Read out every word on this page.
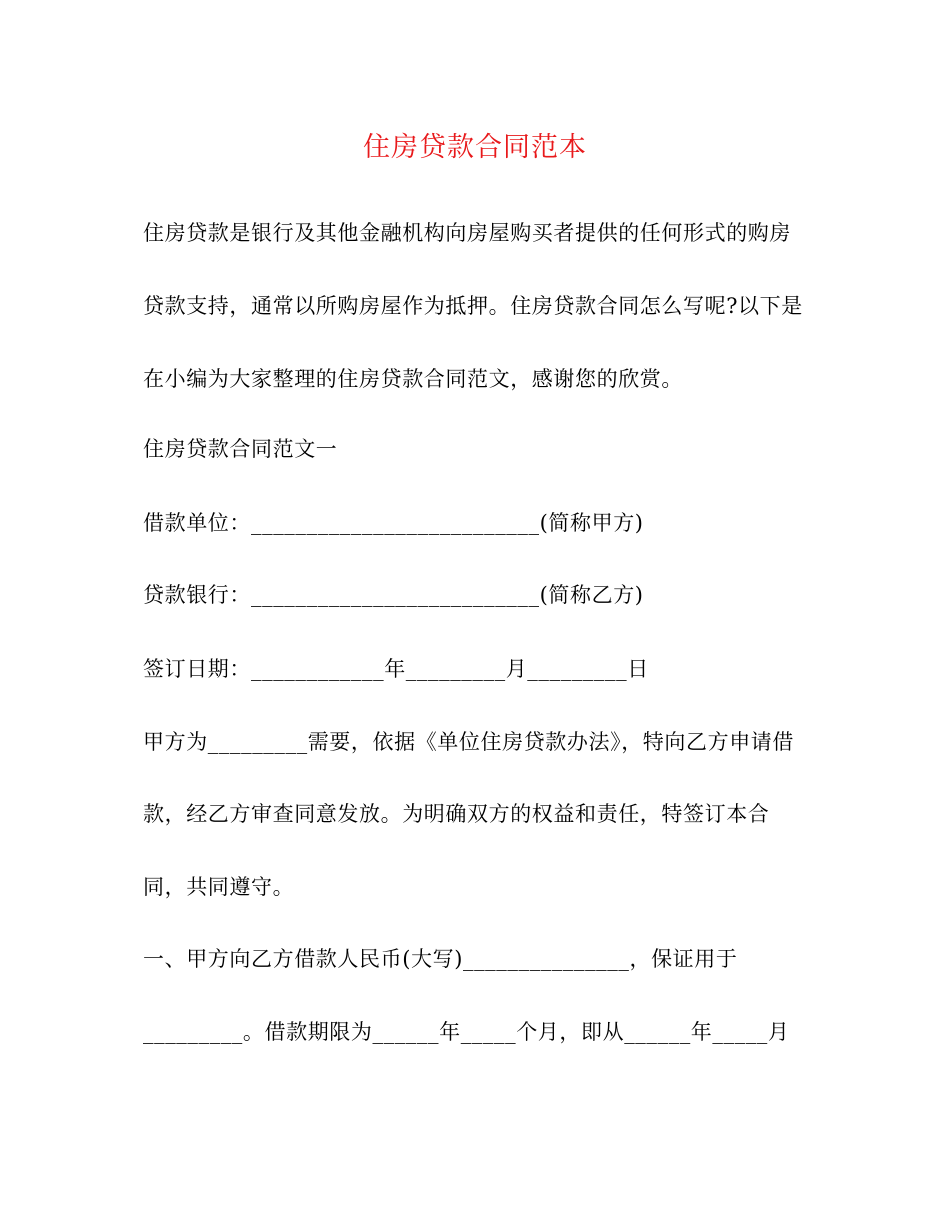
住房贷款合同范本
住房贷款是银行及其他金融机构向房屋购买者提供的任何形式的购房
贷款支持，通常以所购房屋作为抵押。住房贷款合同怎么写呢?以下是
在小编为大家整理的住房贷款合同范文，感谢您的欣赏。
住房贷款合同范文一
借款单位：__________________________(简称甲方)
贷款银行：__________________________(简称乙方)
签订日期：____________年_________月_________日
甲方为_________需要，依据《单位住房贷款办法》，特向乙方申请借
款，经乙方审查同意发放。为明确双方的权益和责任，特签订本合
同，共同遵守。
一、甲方向乙方借款人民币(大写)_______________，保证用于
_________。借款期限为______年_____个月，即从______年_____月
